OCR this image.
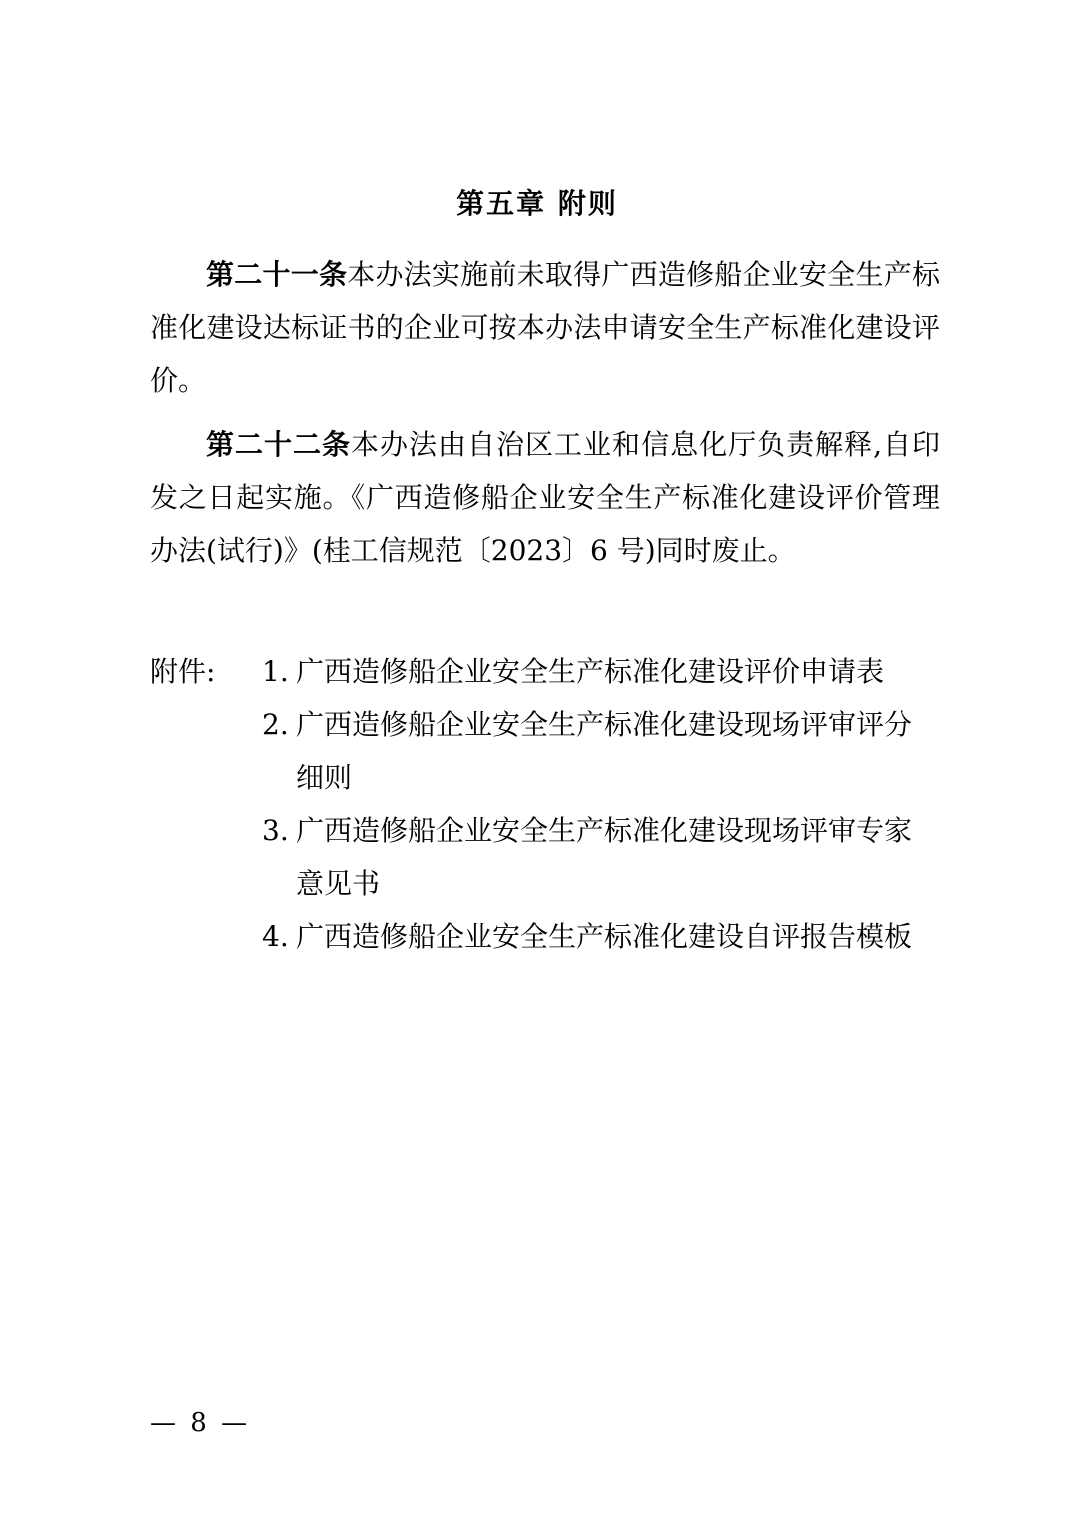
第五章 附则
第二十一条本办法实施前未取得广西造修船企业安全生产标准化建设达标证书的企业可按本办法申请安全生产标准化建设评价。
第二十二条本办法由自治区工业和信息化厅负责解释,自印发之日起实施。《广西造修船企业安全生产标准化建设评价管理办法(试行)》(桂工信规范〔2023〕6 号)同时废止。
附件:	1. 广西造修船企业安全生产标准化建设评价申请表
2. 广西造修船企业安全生产标准化建设现场评审评分
细则
3. 广西造修船企业安全生产标准化建设现场评审专家
意见书
4. 广西造修船企业安全生产标准化建设自评报告模板
— 8 —
